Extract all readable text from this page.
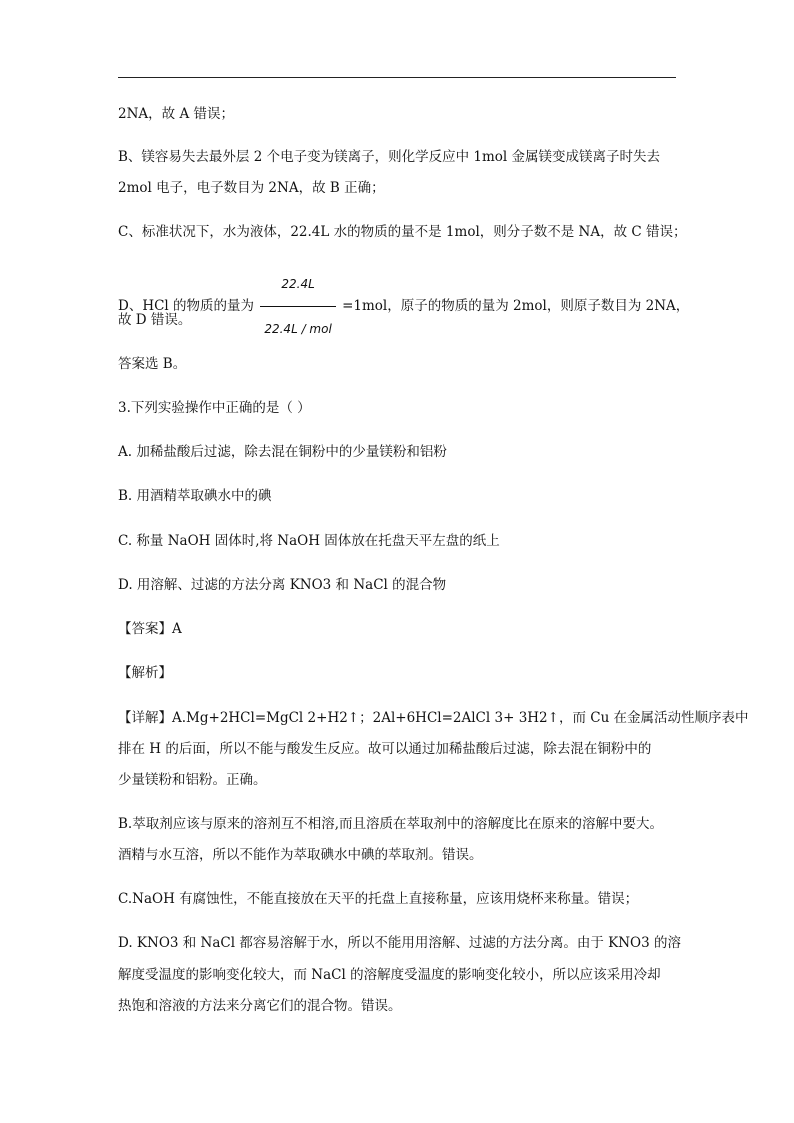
2NA，故 A 错误；
B、镁容易失去最外层 2 个电子变为镁离子，则化学反应中 1mol 金属镁变成镁离子时失去
2mol 电子，电子数目为 2NA，故 B 正确；
C、标准状况下，水为液体，22.4L 水的物质的量不是 1mol，则分子数不是 NA，故 C 错误；
D、HCl 的物质的量为 $\frac{22.4L}{\text{22.4L / mol}} =1mol$，原子的物质的量为 2mol，则原子数目为 2NA，
故 D 错误。
答案选 B。
3.下列实验操作中正确的是（ ）
A. 加稀盐酸后过滤，除去混在铜粉中的少量镁粉和铝粉
B. 用酒精萃取碘水中的碘
C. 称量 NaOH 固体时,将 NaOH 固体放在托盘天平左盘的纸上
D. 用溶解、过滤的方法分离 KNO3 和 NaCl 的混合物
【答案】A
【解析】
【详解】A.Mg+2HCl=MgCl 2+H2↑；2Al+6HCl=2AlCl 3+ 3H2↑，而 Cu 在金属活动性顺序表中
排在 H 的后面，所以不能与酸发生反应。故可以通过加稀盐酸后过滤，除去混在铜粉中的
少量镁粉和铝粉。正确。
B.萃取剂应该与原来的溶剂互不相溶,而且溶质在萃取剂中的溶解度比在原来的溶解中要大。
酒精与水互溶，所以不能作为萃取碘水中碘的萃取剂。错误。
C.NaOH 有腐蚀性，不能直接放在天平的托盘上直接称量，应该用烧杯来称量。错误；
D. KNO3 和 NaCl 都容易溶解于水，所以不能用用溶解、过滤的方法分离。由于 KNO3 的溶
解度受温度的影响变化较大，而 NaCl 的溶解度受温度的影响变化较小，所以应该采用冷却
热饱和溶液的方法来分离它们的混合物。错误。
